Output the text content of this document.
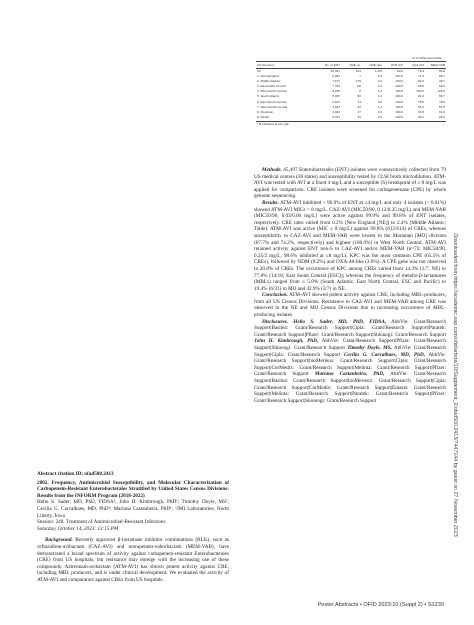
% of CRE susceptible
US Divisions	No. of ENT	CRE no.	CRE rate	ATM-AVI	CAZ-AVI	MEM-VAB
All	45,497	614	1.3%	99.8	75.9	63.8
1. New England	2,284	7	0.3	100.0	71.4	85.7
2. Middle Atlantic	7,677	179	2.4	100.0	82.6	39.7
3. East North Central	7,700	80	1.0	100.0	83.8	68.4
4. West North Central	4,218	6	0.1	100.0	100.0	100.0
5. South Atlantic	8,185	80	1.0	100.0	81.3	86.7
6. East South Central	2,617	14	0.5	100.0	78.6	78.6
7. West South Central	4,644	66	1.4	100.0	83.3	87.9
8. Mountain	4,060	37	0.9	100.0	83.8	91.9
9. Pacific	5,701	46	0.8	100.0	89.1	93.5
ᵃ N-inhibited at ≤4 mg/L.

Methods. 45,497 Enterobacterales (ENT) isolates were consecutively collected from 79 US medical centers (36 states) and susceptibility tested by CLSI broth microdilution. ATM-AVI was tested with AVI at a fixed 4 mg/L and a susceptible (S) breakpoint of ≤ 8 mg/L was applied for comparison. CRE isolates were screened for carbapenemase (CPE) by whole genome sequencing.

Results. ATM-AVI inhibited > 99.9% of ENT at ≤4 mg/L and only 4 isolates (< 0.01%) showed ATM-AVI MICs > 8 mg/L. CAZ-AVI (MIC50/90, 0.12/0.25 mg/L) and MEM-VAB (MIC50/90, 0.03/0.06 mg/L) were active against 99.9% and 99.8% of ENT isolates, respectively. CRE rates varied from 0.2% (New England [NE]) to 2.4% (Middle Atlantic; Table). ATM-AVI was active (MIC ≤ 8 mg/L) against 99.8% (612/614) of CREs, whereas susceptibility to CAZ-AVI and MEM-VAB were lowest in the Mountain [MO] division (67.7% and 74.2%, respectively) and highest (100.0%) in West North Central. ATM-AVI retained activity against ENT non-S to CAZ-AVI and/or MEM-VAB (n=73; MIC50/90, 0.25/2 mg/L, 98.6% inhibited at ≤8 mg/L). KPC was the most common CPE (65.5% of CREs), followed by NDM (8.2%) and OXA-48-like (3.6%). A CPE gene was not observed in 20.8% of CREs. The occurrence of KPC among CREs varied from 14.3% (1/7; NE) to 77.8% (14/18; East South Central [ESC]); whereas the frequency of metallo-β-lactamases (MBLs) ranged from ≤ 5.0% (South Atlantic, East North Central, ESC and Pacific) to 19.4% (6/31) in MO and 42.9% (3/7) in NE.

Conclusion. ATM-AVI showed potent activity against CRE, including MBL-producers, from all US Census Divisions. Resistance to CAZ-AVI and MEM-VAB among CRE was observed in the NE and MO Census Divisions due to increasing occurrence of MBL-producing isolates.

Disclosures. Helio S. Sader, MD, PhD, FIDSA, AbbVie: Grant/Research Support|Basilea: Grant/Research Support|Cipla: Grant/Research Support|Paratek: Grant/Research Support|Pfizer: Grant/Research Support|Shionogi: Grant/Research Support John H. Kimbrough, PhD, AbbVie: Grant/Research Support|Pfizer: Grant/Research Support|Shionogi: Grant/Research Support Timothy Doyle, MS, AbbVie: Grant/Research Support|Cipla: Grant/Research Support Cecilia G. Carvalhaes, MD, PhD, AbbVie: Grant/Research Support|bioMerieux: Grant/Research Support|Cipla: Grant/Research Support|CorMedix: Grant/Research Support|Melinta: Grant/Research Support|Pfizer: Grant/Research Support Mariana Castanheira, PhD, AbbVie: Grant/Research Support|Basilea: Grant/Research Support|bioMerieux: Grant/Research Support|Cipla: Grant/Research Support|CorMedix: Grant/Research Support|Entasis: Grant/Research Support|Melinta: Grant/Research Support|Paratek: Grant/Research Support|Pfizer: Grant/Research Support|Shionogi: Grant/Research Support

Abstract citation ID: ofad500.2413

2802. Frequency, Antimicrobial Susceptibility, and Molecular Characterization of Carbapenem-Resistant Enterobacterales Stratified by United States Census Divisions: Results from the INFORM Program (2018-2022)

Helio S. Sader, MD, PhD, FIDSA¹; John H. Kimbrough, PhD¹; Timothy Doyle, MS¹; Cecilia G. Carvalhaes, MD, PhD¹; Mariana Castanheira, PhD¹; ¹JMI Laboratories, North Liberty, Iowa

Session: 248. Treatment of Antimicrobial-Resistant Infections

Saturday, October 14, 2023: 12:15 PM

Background. Recently approved β-lactamase inhibitor combinations (BLIs), such as ceftazidime-avibactam (CAZ-AVI) and meropenem-vaborbactam (MEM-VAB), have demonstrated a broad spectrum of activity against carbapenem-resistant Enterobacterales (CRE) from US hospitals, but resistance may emerge with the increasing use of these compounds. Aztreonam-avibactam (ATM-AVI) has shown potent activity against CRE, including MBL producers, and is under clinical development. We evaluated the activity of ATM-AVI and comparators against CREs from US hospitals.

Downloaded from https://academic.oup.com/ofid/article/10/Supplement_2/ofad500.2413/7447144 by guest on 27 November 2023
Poster Abstracts • OFID 2023:10 (Suppl 2) • S1239
